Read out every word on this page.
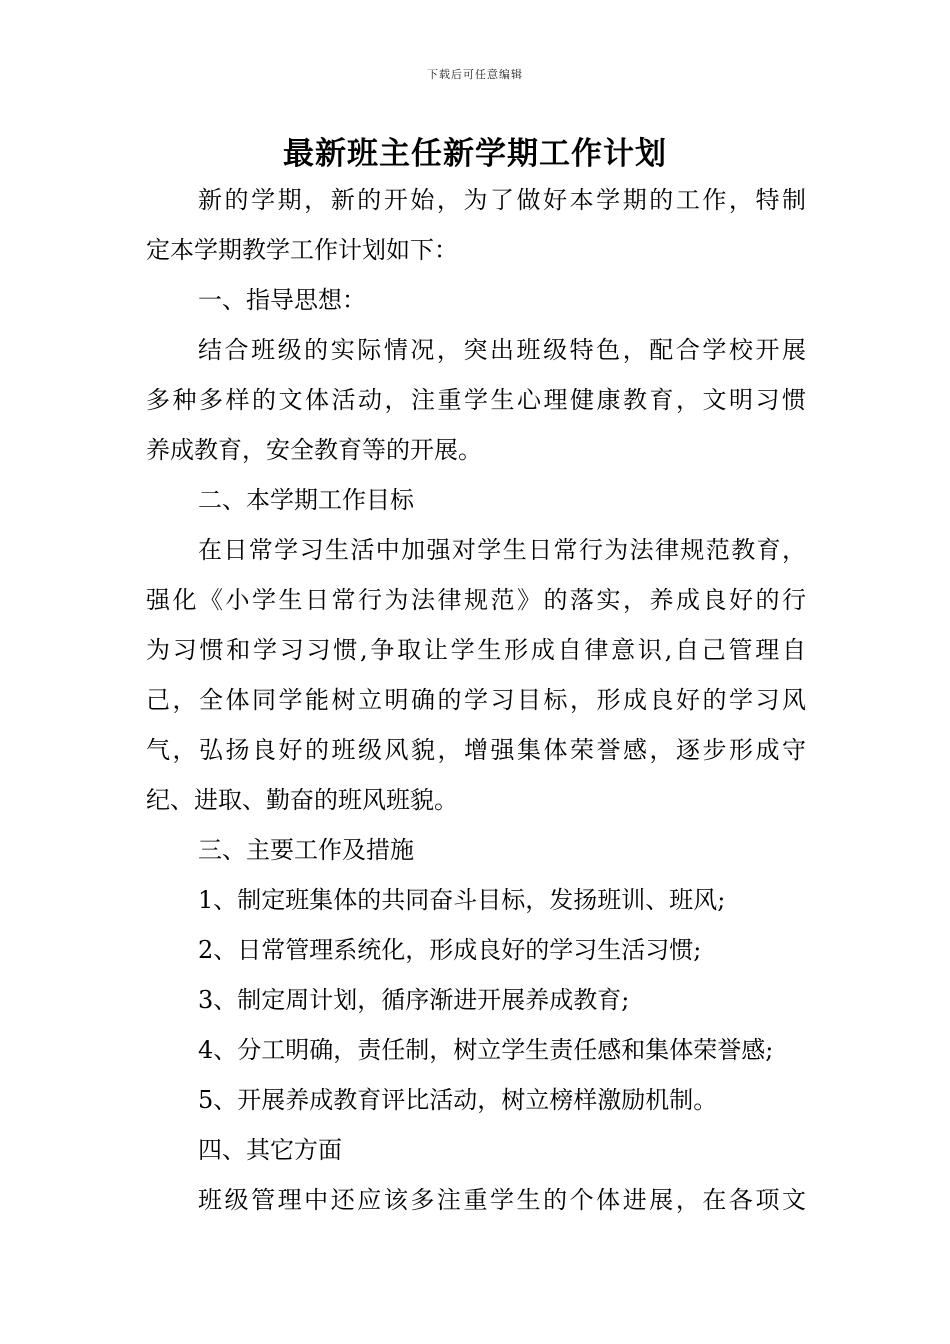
下载后可任意编辑
最新班主任新学期工作计划

新的学期，新的开始，为了做好本学期的工作，特制

定本学期教学工作计划如下：

一、指导思想：

结合班级的实际情况，突出班级特色，配合学校开展

多种多样的文体活动，注重学生心理健康教育，文明习惯

养成教育，安全教育等的开展。

二、本学期工作目标

在日常学习生活中加强对学生日常行为法律规范教育，

强化《小学生日常行为法律规范》的落实，养成良好的行

为习惯和学习习惯,争取让学生形成自律意识,自己管理自

己，全体同学能树立明确的学习目标，形成良好的学习风

气，弘扬良好的班级风貌，增强集体荣誉感，逐步形成守

纪、进取、勤奋的班风班貌。

三、主要工作及措施

1、制定班集体的共同奋斗目标，发扬班训、班风;

2、日常管理系统化，形成良好的学习生活习惯;

3、制定周计划，循序渐进开展养成教育;

4、分工明确，责任制，树立学生责任感和集体荣誉感;

5、开展养成教育评比活动，树立榜样激励机制。

四、其它方面

班级管理中还应该多注重学生的个体进展，在各项文
